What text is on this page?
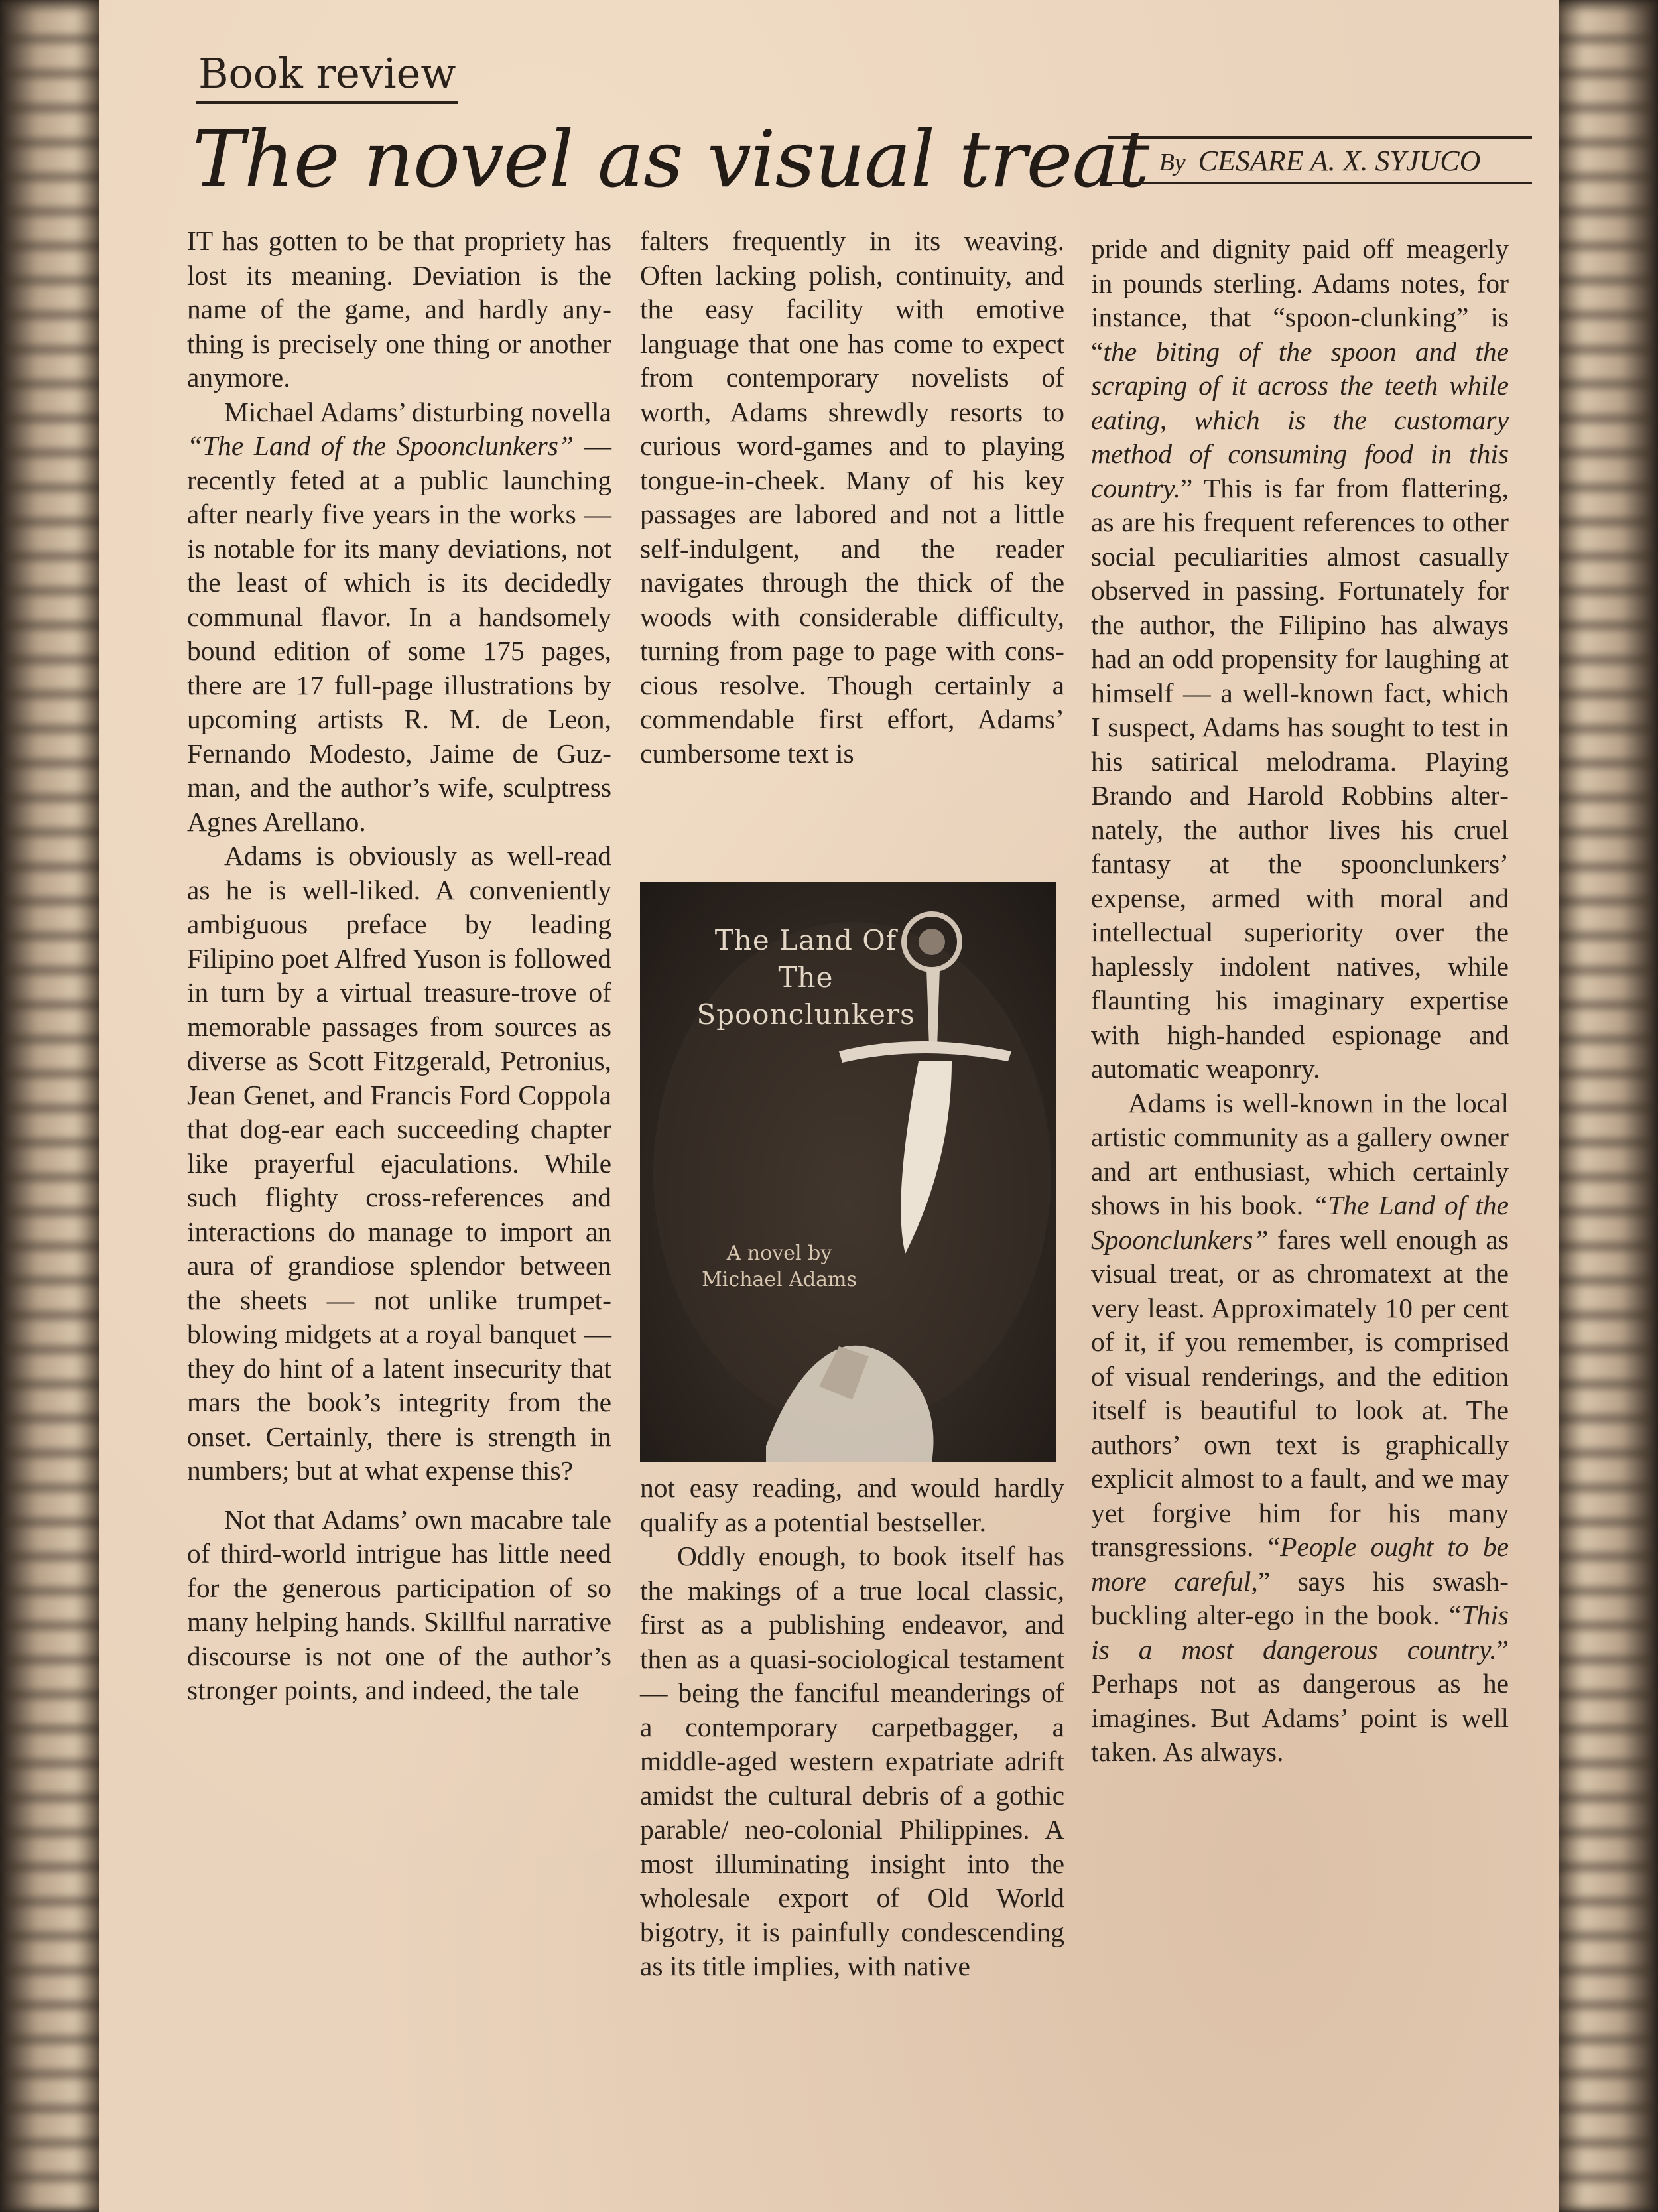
Book review
The novel as visual treat By CESARE A. X. SYJUCO

IT has gotten to be that propriety has lost its meaning. Deviation is the name of the game, and hardly anything is precisely one thing or another anymore.

Michael Adams’ disturbing novella “The Land of the Spoonclunkers” — recently feted at a public launching after nearly five years in the works — is notable for its many deviations, not the least of which is its decidedly communal flavor. In a handsomely bound edition of some 175 pages, there are 17 full-page illustrations by upcoming artists R. M. de Leon, Fernando Modesto, Jaime de Guzman, and the author’s wife, sculptress Agnes Arellano.

Adams is obviously as well-read as he is well-liked. A conveniently ambiguous preface by leading Filipino poet Alfred Yuson is followed in turn by a virtual treasure-trove of memorable passages from sources as diverse as Scott Fitzgerald, Petronius, Jean Genet, and Francis Ford Coppola that dog-ear each succeeding chapter like prayerful ejaculations. While such flighty cross-references and interactions do manage to import an aura of grandiose splendor between the sheets — not unlike trumpet-blowing midgets at a royal banquet — they do hint of a latent insecurity that mars the book’s integrity from the onset. Certainly, there is strength in numbers; but at what expense this?

Not that Adams’ own macabre tale of third-world intrigue has little need for the generous participation of so many helping hands. Skillful narrative discourse is not one of the author’s stronger points, and indeed, the tale

falters frequently in its weaving. Often lacking polish, continuity, and the easy facility with emotive language that one has come to expect from contemporary novelists of worth, Adams shrewdly resorts to curious word-games and to playing tongue-in-cheek. Many of his key passages are labored and not a little self-indulgent, and the reader navigates through the thick of the woods with considerable difficulty, turning from page to page with conscious resolve. Though certainly a commendable first effort, Adams’ cumbersome text is

The Land Of
The
Spoonclunkers
A novel by
Michael Adams

not easy reading, and would hardly qualify as a potential bestseller.

Oddly enough, to book itself has the makings of a true local classic, first as a publishing endeavor, and then as a quasi-sociological testament — being the fanciful meanderings of a contemporary carpetbagger, a middle-aged western expatriate adrift amidst the cultural debris of a gothic parable/ neo-colonial Philippines. A most illuminating insight into the wholesale export of Old World bigotry, it is painfully condescending as its title implies, with native

pride and dignity paid off meagerly in pounds sterling. Adams notes, for instance, that “spoon-clunking” is “the biting of the spoon and the scraping of it across the teeth while eating, which is the customary method of consuming food in this country.” This is far from flattering, as are his frequent references to other social peculiarities almost casually observed in passing. Fortunately for the author, the Filipino has always had an odd propensity for laughing at himself — a well-known fact, which I suspect, Adams has sought to test in his satirical melodrama. Playing Brando and Harold Robbins alternately, the author lives his cruel fantasy at the spoonclunkers’ expense, armed with moral and intellectual superiority over the haplessly indolent natives, while flaunting his imaginary expertise with high-handed espionage and automatic weaponry.

Adams is well-known in the local artistic community as a gallery owner and art enthusiast, which certainly shows in his book. “The Land of the Spoonclunkers” fares well enough as visual treat, or as chromatext at the very least. Approximately 10 per cent of it, if you remember, is comprised of visual renderings, and the edition itself is beautiful to look at. The authors’ own text is graphically explicit almost to a fault, and we may yet forgive him for his many transgressions. “People ought to be more careful,” says his swashbuckling alter-ego in the book. “This is a most dangerous country.” Perhaps not as dangerous as he imagines. But Adams’ point is well taken. As always.
